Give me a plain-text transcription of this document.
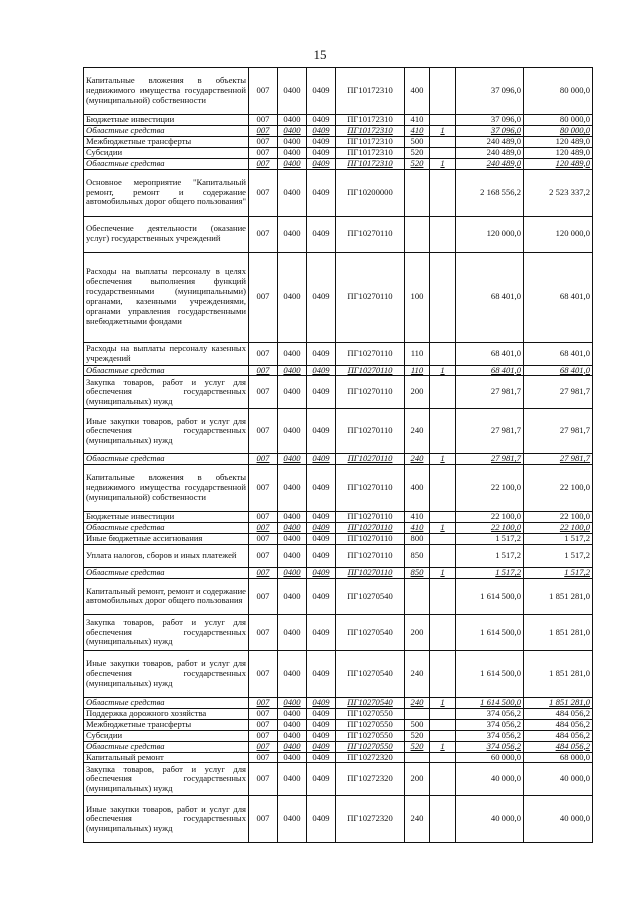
15
Капитальные вложения в объекты недвижимого имущества государственной (муниципальной) собственности	007	0400	0409	ПГ10172310	400		37 096,0	80 000,0
Бюджетные инвестиции	007	0400	0409	ПГ10172310	410		37 096,0	80 000,0
Областные средства	007	0400	0409	ПГ10172310	410	1	37 096,0	80 000,0
Межбюджетные трансферты	007	0400	0409	ПГ10172310	500		240 489,0	120 489,0
Субсидии	007	0400	0409	ПГ10172310	520		240 489,0	120 489,0
Областные средства	007	0400	0409	ПГ10172310	520	1	240 489,0	120 489,0
Основное мероприятие "Капитальный ремонт, ремонт и содержание автомобильных дорог общего пользования"	007	0400	0409	ПГ10200000			2 168 556,2	2 523 337,2
Обеспечение деятельности (оказание услуг) государственных учреждений	007	0400	0409	ПГ10270110			120 000,0	120 000,0
Расходы на выплаты персоналу в целях обеспечения выполнения функций государственными (муниципальными) органами, казенными учреждениями, органами управления государственными внебюджетными фондами	007	0400	0409	ПГ10270110	100		68 401,0	68 401,0
Расходы на выплаты персоналу казенных учреждений	007	0400	0409	ПГ10270110	110		68 401,0	68 401,0
Областные средства	007	0400	0409	ПГ10270110	110	1	68 401,0	68 401,0
Закупка товаров, работ и услуг для обеспечения государственных (муниципальных) нужд	007	0400	0409	ПГ10270110	200		27 981,7	27 981,7
Иные закупки товаров, работ и услуг для обеспечения государственных (муниципальных) нужд	007	0400	0409	ПГ10270110	240		27 981,7	27 981,7
Областные средства	007	0400	0409	ПГ10270110	240	1	27 981,7	27 981,7
Капитальные вложения в объекты недвижимого имущества государственной (муниципальной) собственности	007	0400	0409	ПГ10270110	400		22 100,0	22 100,0
Бюджетные инвестиции	007	0400	0409	ПГ10270110	410		22 100,0	22 100,0
Областные средства	007	0400	0409	ПГ10270110	410	1	22 100,0	22 100,0
Иные бюджетные ассигнования	007	0400	0409	ПГ10270110	800		1 517,2	1 517,2
Уплата налогов, сборов и иных платежей	007	0400	0409	ПГ10270110	850		1 517,2	1 517,2
Областные средства	007	0400	0409	ПГ10270110	850	1	1 517,2	1 517,2
Капитальный ремонт, ремонт и содержание автомобильных дорог общего пользования	007	0400	0409	ПГ10270540			1 614 500,0	1 851 281,0
Закупка товаров, работ и услуг для обеспечения государственных (муниципальных) нужд	007	0400	0409	ПГ10270540	200		1 614 500,0	1 851 281,0
Иные закупки товаров, работ и услуг для обеспечения государственных (муниципальных) нужд	007	0400	0409	ПГ10270540	240		1 614 500,0	1 851 281,0
Областные средства	007	0400	0409	ПГ10270540	240	1	1 614 500,0	1 851 281,0
Поддержка дорожного хозяйства	007	0400	0409	ПГ10270550			374 056,2	484 056,2
Межбюджетные трансферты	007	0400	0409	ПГ10270550	500		374 056,2	484 056,2
Субсидии	007	0400	0409	ПГ10270550	520		374 056,2	484 056,2
Областные средства	007	0400	0409	ПГ10270550	520	1	374 056,2	484 056,2
Капитальный ремонт	007	0400	0409	ПГ10272320			60 000,0	68 000,0
Закупка товаров, работ и услуг для обеспечения государственных (муниципальных) нужд	007	0400	0409	ПГ10272320	200		40 000,0	40 000,0
Иные закупки товаров, работ и услуг для обеспечения государственных (муниципальных) нужд	007	0400	0409	ПГ10272320	240		40 000,0	40 000,0
